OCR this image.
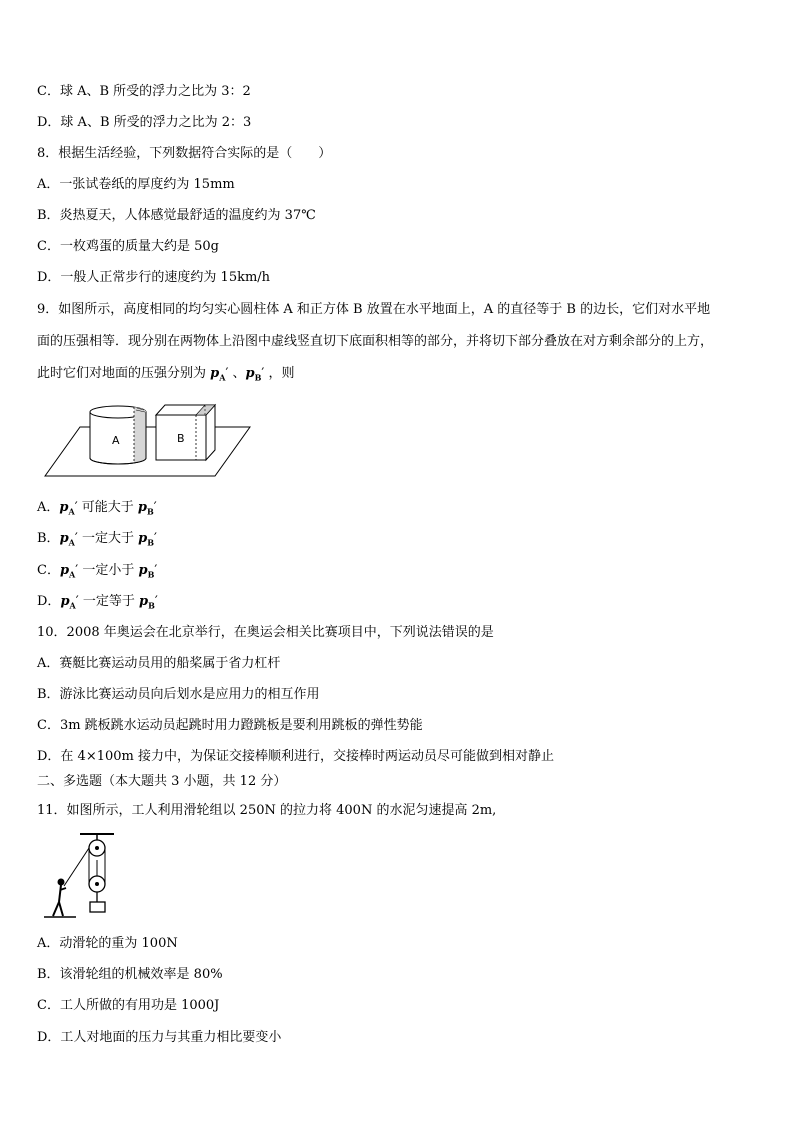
C．球 A、B 所受的浮力之比为 3：2
D．球 A、B 所受的浮力之比为 2：3
8．根据生活经验，下列数据符合实际的是（　　）
A．一张试卷纸的厚度约为 15mm
B．炎热夏天，人体感觉最舒适的温度约为 37℃
C．一枚鸡蛋的质量大约是 50g
D．一般人正常步行的速度约为 15km/h
9．如图所示，高度相同的均匀实心圆柱体 A 和正方体 B 放置在水平地面上，A 的直径等于 B 的边长，它们对水平地
面的压强相等．现分别在两物体上沿图中虚线竖直切下底面积相等的部分，并将切下部分叠放在对方剩余部分的上方，
此时它们对地面的压强分别为 $p_A'$ 、$p_B'$ ，则
A	B
A．$p_A'$ 可能大于 $p_B'$
B．$p_A'$ 一定大于 $p_B'$
C．$p_A'$ 一定小于 $p_B'$
D．$p_A'$ 一定等于 $p_B'$
10．2008 年奥运会在北京举行，在奥运会相关比赛项目中，下列说法错误的是
A．赛艇比赛运动员用的船桨属于省力杠杆
B．游泳比赛运动员向后划水是应用力的相互作用
C．3m 跳板跳水运动员起跳时用力蹬跳板是要利用跳板的弹性势能
D．在 4×100m 接力中，为保证交接棒顺利进行，交接棒时两运动员尽可能做到相对静止
二、多选题（本大题共 3 小题，共 12 分）
11．如图所示，工人利用滑轮组以 250N 的拉力将 400N 的水泥匀速提高 2m,
A．动滑轮的重为 100N
B．该滑轮组的机械效率是 80%
C．工人所做的有用功是 1000J
D．工人对地面的压力与其重力相比要变小
